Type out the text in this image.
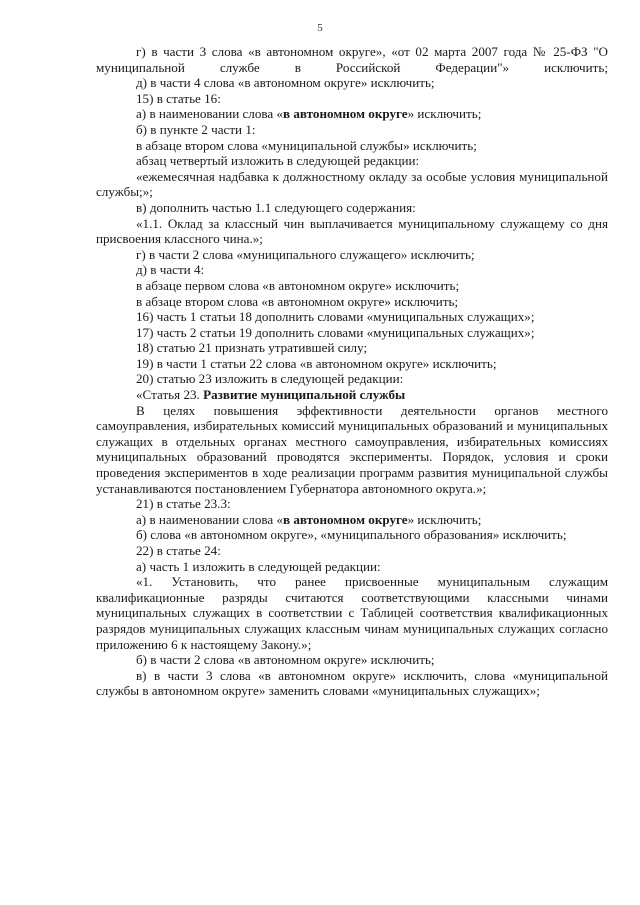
5

г) в части 3 слова «в автономном округе», «от 02 марта 2007 года № 25-ФЗ "О муниципальной службе в Российской Федерации"» исключить;

д) в части 4 слова «в автономном округе» исключить;

15) в статье 16:

а) в наименовании слова «в автономном округе» исключить;

б) в пункте 2 части 1:

в абзаце втором слова «муниципальной службы» исключить;

абзац четвертый изложить в следующей редакции:

«ежемесячная надбавка к должностному окладу за особые условия муниципальной службы;»;

в) дополнить частью 1.1 следующего содержания:

«1.1. Оклад за классный чин выплачивается муниципальному служащему со дня присвоения классного чина.»;

г) в части 2 слова «муниципального служащего» исключить;

д) в части 4:

в абзаце первом слова «в автономном округе» исключить;

в абзаце втором слова «в автономном округе» исключить;

16) часть 1 статьи 18 дополнить словами «муниципальных служащих»;

17) часть 2 статьи 19 дополнить словами «муниципальных служащих»;

18) статью 21 признать утратившей силу;

19) в части 1 статьи 22 слова «в автономном округе» исключить;

20) статью 23 изложить в следующей редакции:

«Статья 23. Развитие муниципальной службы

В целях повышения эффективности деятельности органов местного самоуправления, избирательных комиссий муниципальных образований и муниципальных служащих в отдельных органах местного самоуправления, избирательных комиссиях муниципальных образований проводятся эксперименты. Порядок, условия и сроки проведения экспериментов в ходе реализации программ развития муниципальной службы устанавливаются постановлением Губернатора автономного округа.»;

21) в статье 23.3:

а) в наименовании слова «в автономном округе» исключить;

б) слова «в автономном округе», «муниципального образования» исключить;

22) в статье 24:

а) часть 1 изложить в следующей редакции:

«1. Установить, что ранее присвоенные муниципальным служащим квалификационные разряды считаются соответствующими классными чинами муниципальных служащих в соответствии с Таблицей соответствия квалификационных разрядов муниципальных служащих классным чинам муниципальных служащих согласно приложению 6 к настоящему Закону.»;

б) в части 2 слова «в автономном округе» исключить;

в) в части 3 слова «в автономном округе» исключить, слова «муниципальной службы в автономном округе» заменить словами «муниципальных служащих»;
